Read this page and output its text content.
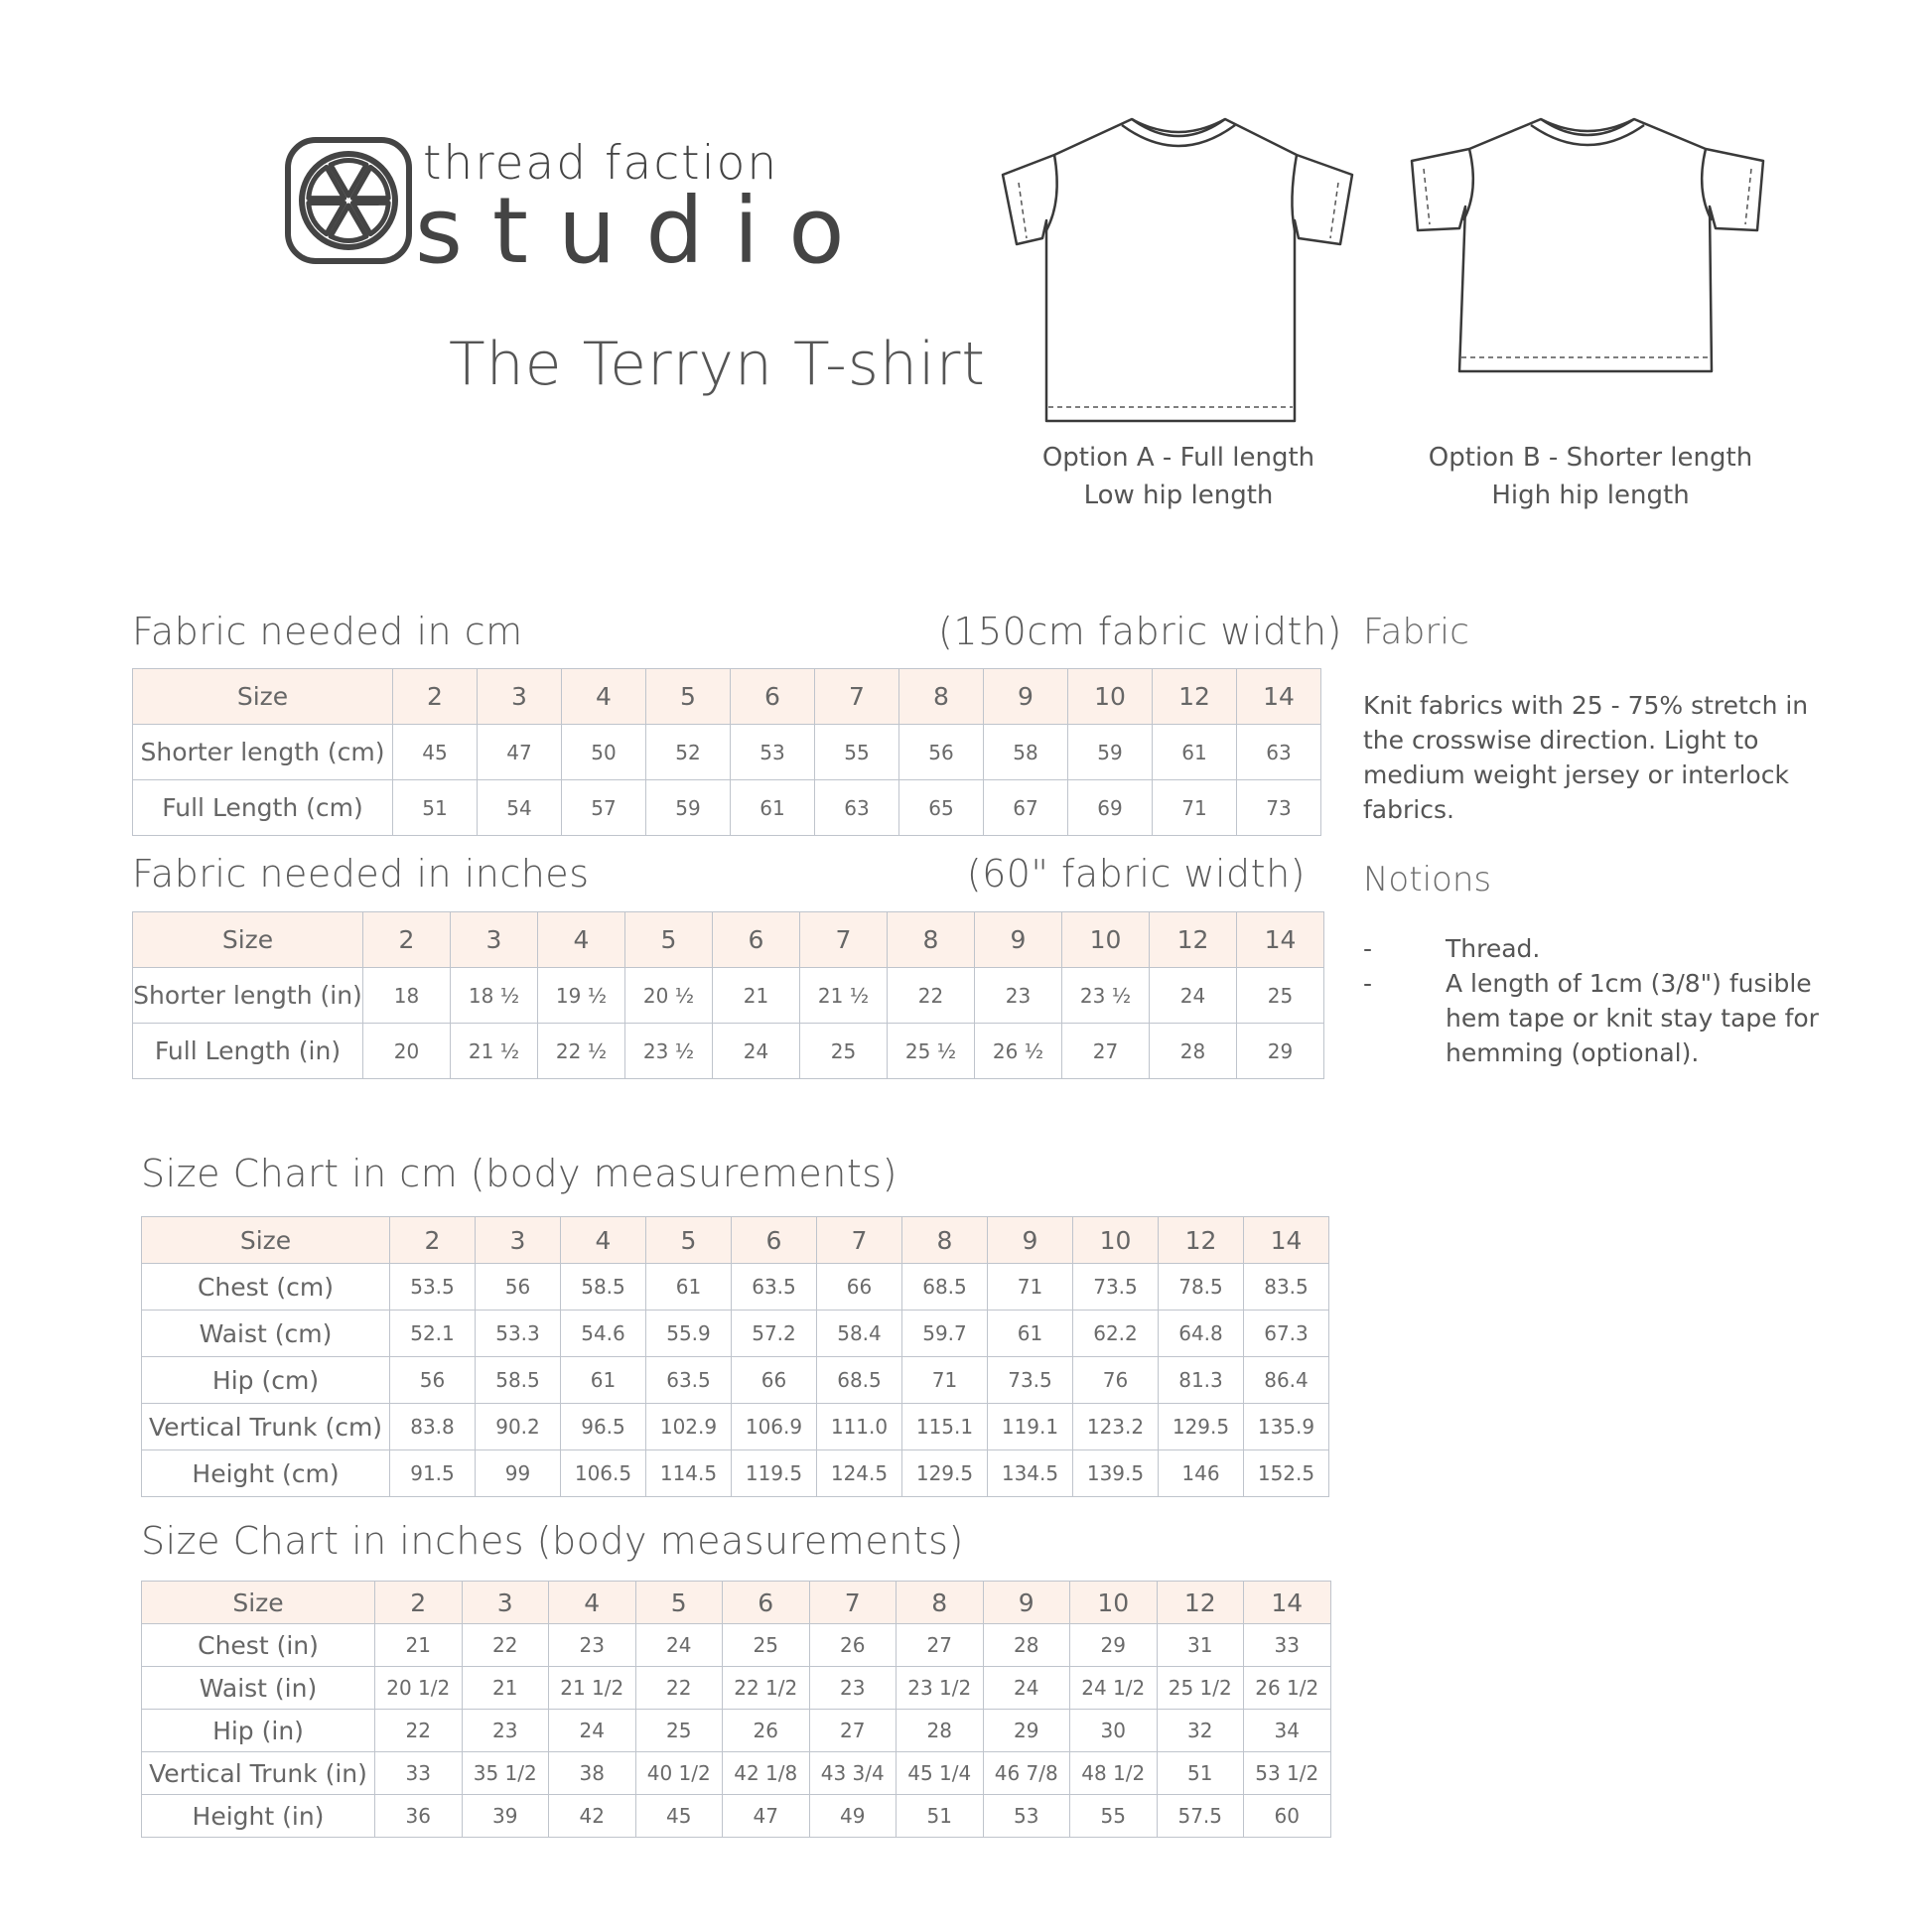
thread faction
studio
The Terryn T-shirt
Option A - Full length
Low hip length
Option B - Shorter length
High hip length
Fabric needed in cm	(150cm fabric width)
Size	2	3	4	5	6	7	8	9	10	12	14
Shorter length (cm)	45	47	50	52	53	55	56	58	59	61	63
Full Length (cm)	51	54	57	59	61	63	65	67	69	71	73
Fabric needed in inches	(60" fabric width)
Size	2	3	4	5	6	7	8	9	10	12	14
Shorter length (in)	18	18 ½	19 ½	20 ½	21	21 ½	22	23	23 ½	24	25
Full Length (in)	20	21 ½	22 ½	23 ½	24	25	25 ½	26 ½	27	28	29
Size Chart in cm (body measurements)
Size	2	3	4	5	6	7	8	9	10	12	14
Chest (cm)	53.5	56	58.5	61	63.5	66	68.5	71	73.5	78.5	83.5
Waist (cm)	52.1	53.3	54.6	55.9	57.2	58.4	59.7	61	62.2	64.8	67.3
Hip (cm)	56	58.5	61	63.5	66	68.5	71	73.5	76	81.3	86.4
Vertical Trunk (cm)	83.8	90.2	96.5	102.9	106.9	111.0	115.1	119.1	123.2	129.5	135.9
Height (cm)	91.5	99	106.5	114.5	119.5	124.5	129.5	134.5	139.5	146	152.5
Size Chart in inches (body measurements)
Size	2	3	4	5	6	7	8	9	10	12	14
Chest (in)	21	22	23	24	25	26	27	28	29	31	33
Waist (in)	20 1/2	21	21 1/2	22	22 1/2	23	23 1/2	24	24 1/2	25 1/2	26 1/2
Hip (in)	22	23	24	25	26	27	28	29	30	32	34
Vertical Trunk (in)	33	35 1/2	38	40 1/2	42 1/8	43 3/4	45 1/4	46 7/8	48 1/2	51	53 1/2
Height (in)	36	39	42	45	47	49	51	53	55	57.5	60
Fabric
Knit fabrics with 25 - 75% stretch in the crosswise direction. Light to medium weight jersey or interlock fabrics.
Notions
-	Thread.
-	A length of 1cm (3/8") fusible hem tape or knit stay tape for hemming (optional).
